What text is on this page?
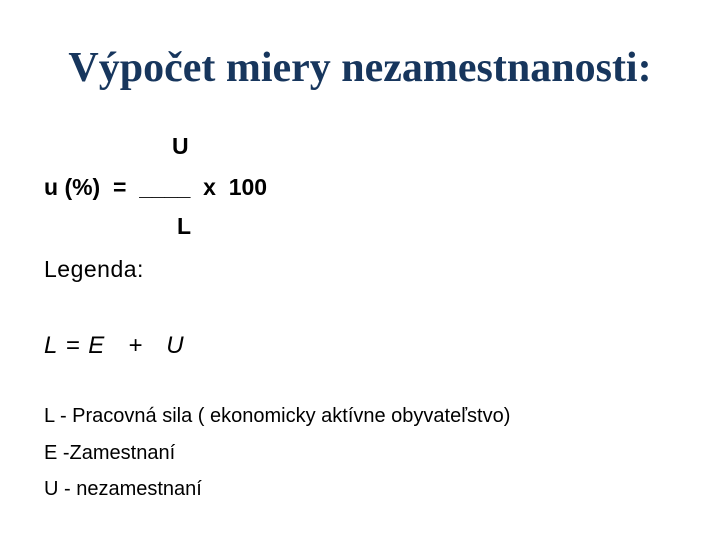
Výpočet miery nezamestnanosti:
U
u (%)  =  ____  x  100
L
Legenda:
L = E   +   U
L - Pracovná sila ( ekonomicky aktívne obyvateľstvo)
E -Zamestnaní
U - nezamestnaní
